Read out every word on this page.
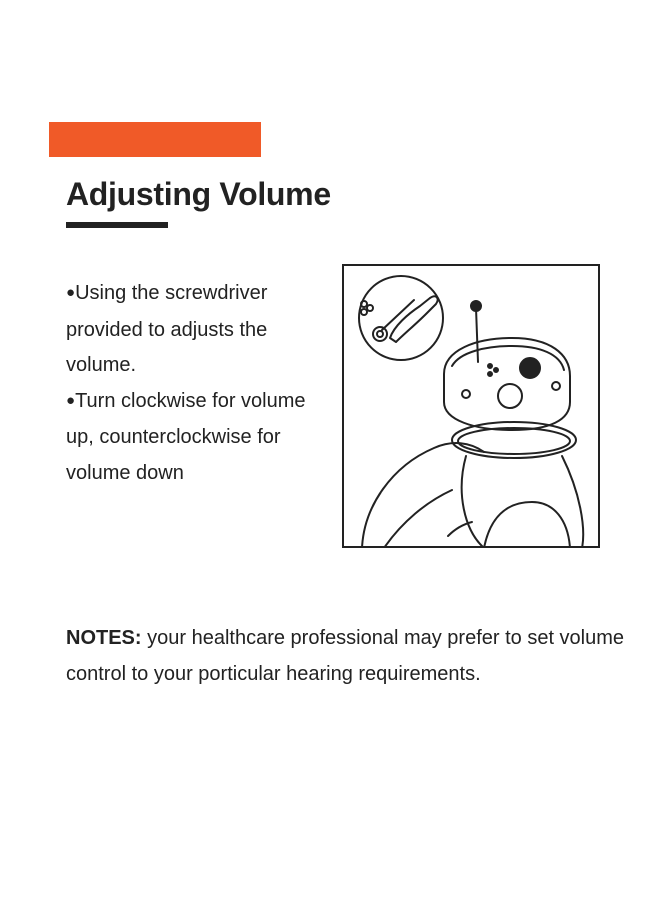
Adjusting Volume
●Using the screwdriver provided to adjusts the volume.
●Turn clockwise for volume up, counterclockwise for volume down

NOTES: your healthcare professional may prefer to set volume control to your porticular hearing requirements.
